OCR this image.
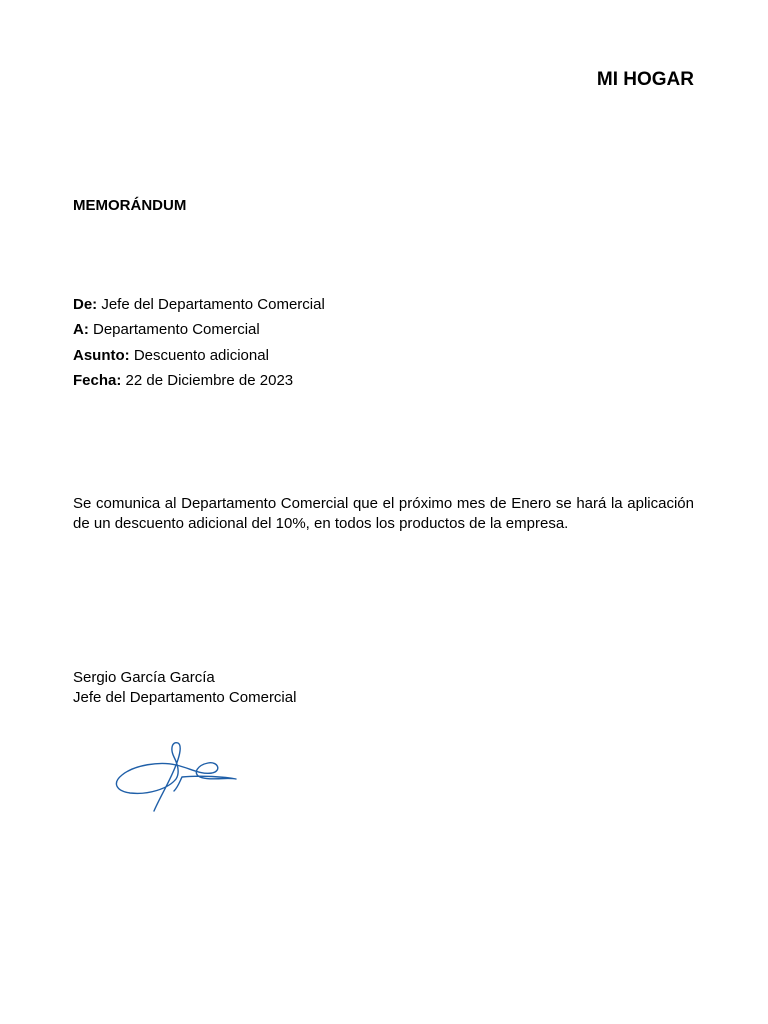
MI HOGAR
MEMORÁNDUM
De: Jefe del Departamento Comercial
A: Departamento Comercial
Asunto: Descuento adicional
Fecha: 22 de Diciembre de 2023

Se comunica al Departamento Comercial que el próximo mes de Enero se hará la aplicación de un descuento adicional del 10%, en todos los productos de la empresa.

Sergio García García
Jefe del Departamento Comercial
